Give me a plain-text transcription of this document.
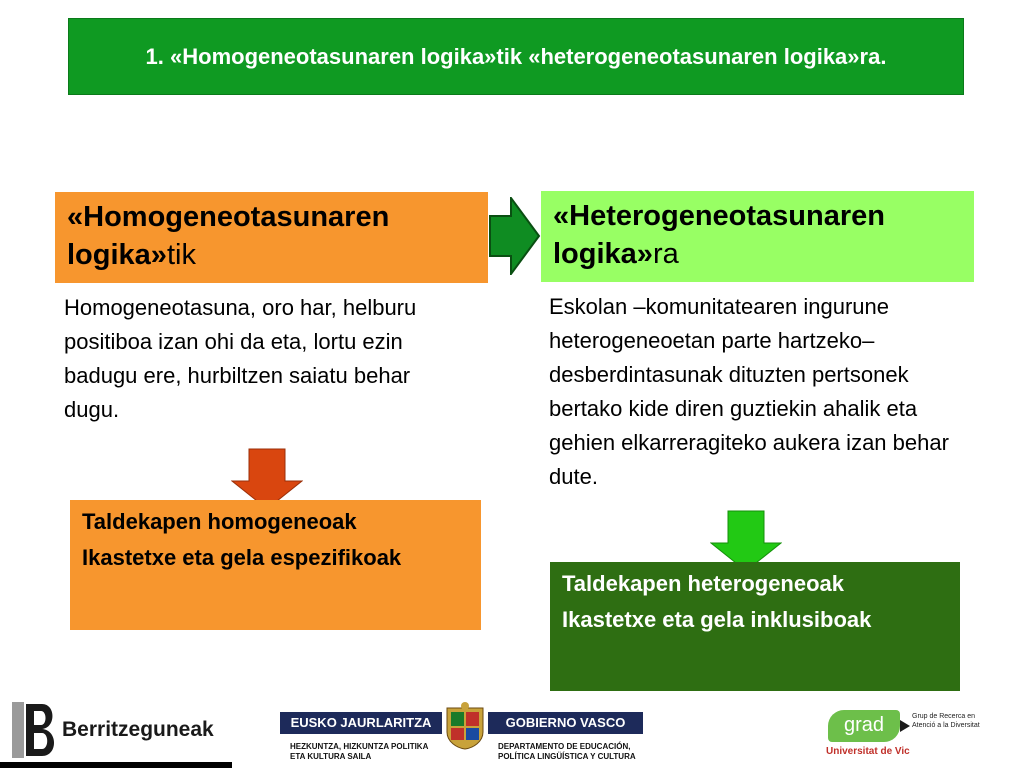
1. «Homogeneotasunaren logika»tik «heterogeneotasunaren logika»ra.
«Homogeneotasunaren logika»tik
«Heterogeneotasunaren logika»ra
Homogeneotasuna, oro har, helburu positiboa izan ohi da eta, lortu ezin badugu ere, hurbiltzen saiatu behar dugu.
Eskolan –komunitatearen ingurune heterogeneoetan parte hartzeko– desberdintasunak dituzten pertsonek bertako kide diren guztiekin ahalik eta gehien elkarreragiteko aukera izan behar dute.

Taldekapen homogeneoak

Ikastetxe eta gela espezifikoak

Taldekapen heterogeneoak

Ikastetxe eta gela inklusiboak

Berritzeguneak	EUSKO JAURLARITZA	GOBIERNO VASCO
HEZKUNTZA, HIZKUNTZA POLITIKA
ETA KULTURA SAILA
DEPARTAMENTO DE EDUCACIÓN,
POLÍTICA LINGÜÍSTICA Y CULTURA
grad	Grup de Recerca en
Atenció a la Diversitat
Universitat de Vic
